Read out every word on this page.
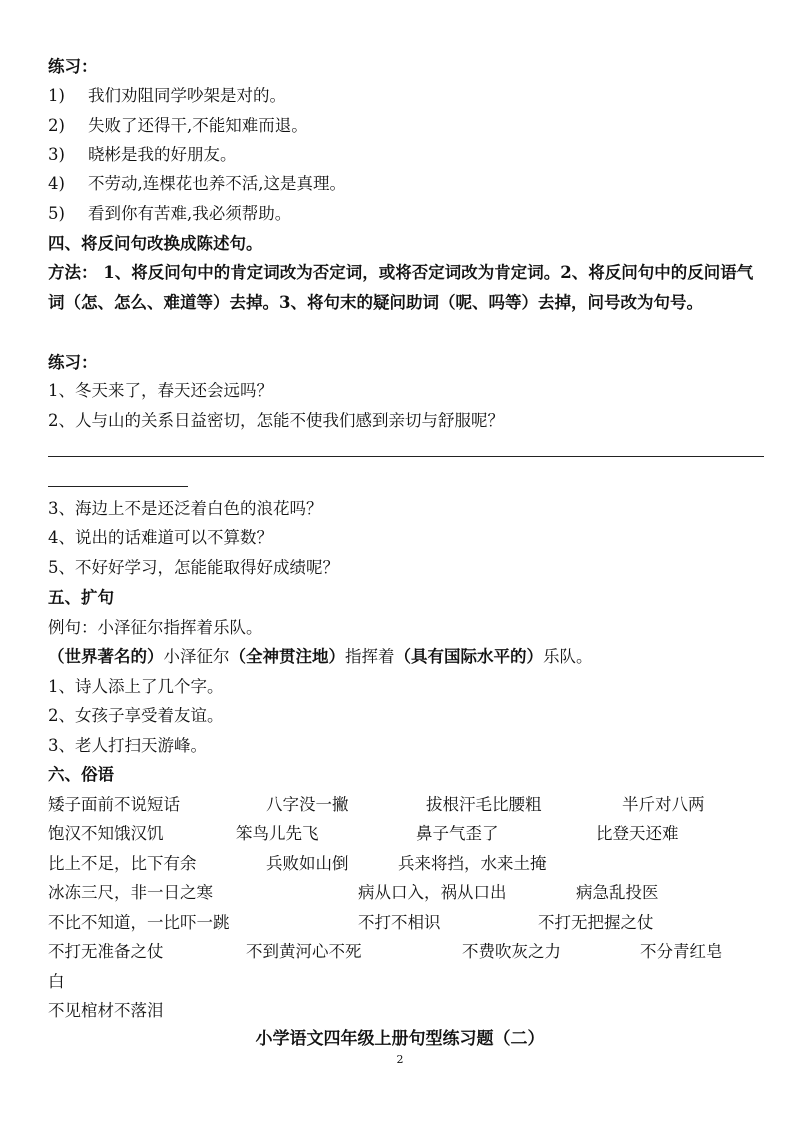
练习：
1) 我们劝阻同学吵架是对的。
2) 失败了还得干,不能知难而退。
3) 晓彬是我的好朋友。
4) 不劳动,连棵花也养不活,这是真理。
5) 看到你有苦难,我必须帮助。
四、将反问句改换成陈述句。
方法： 1、将反问句中的肯定词改为否定词，或将否定词改为肯定词。2、将反问句中的反问语气词（怎、怎么、难道等）去掉。3、将句末的疑问助词（呢、吗等）去掉，问号改为句号。
练习：
1、冬天来了，春天还会远吗？
2、人与山的关系日益密切，怎能不使我们感到亲切与舒服呢？
3、海边上不是还泛着白色的浪花吗？
4、说出的话难道可以不算数？
5、不好好学习，怎能能取得好成绩呢？
五、扩句
例句：小泽征尔指挥着乐队。
（世界著名的）小泽征尔（全神贯注地）指挥着（具有国际水平的）乐队。
1、诗人添上了几个字。
2、女孩子享受着友谊。
3、老人打扫天游峰。
六、俗语
矮子面前不说短话	八字没一撇	拔根汗毛比腰粗	半斤对八两
饱汉不知饿汉饥	笨鸟儿先飞	鼻子气歪了	比登天还难
比上不足，比下有余	兵败如山倒	兵来将挡，水来土掩
冰冻三尺，非一日之寒	病从口入，祸从口出	病急乱投医
不比不知道，一比吓一跳	不打不相识	不打无把握之仗
不打无准备之仗	不到黄河心不死	不费吹灰之力	不分青红皂
白
不见棺材不落泪
小学语文四年级上册句型练习题（二）
2
